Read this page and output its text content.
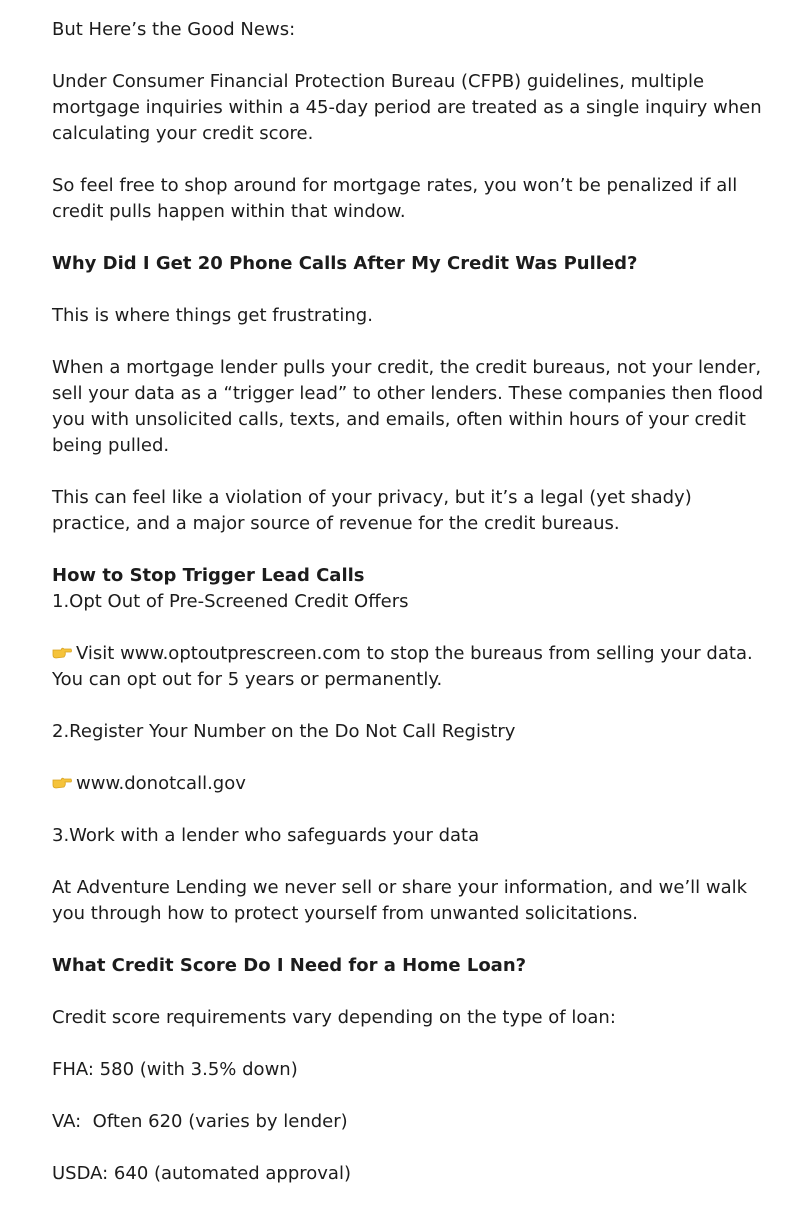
But Here’s the Good News:

Under Consumer Financial Protection Bureau (CFPB) guidelines, multiple mortgage inquiries within a 45-day period are treated as a single inquiry when calculating your credit score.

So feel free to shop around for mortgage rates, you won’t be penalized if all credit pulls happen within that window.

Why Did I Get 20 Phone Calls After My Credit Was Pulled?

This is where things get frustrating.

When a mortgage lender pulls your credit, the credit bureaus, not your lender, sell your data as a “trigger lead” to other lenders. These companies then flood you with unsolicited calls, texts, and emails, often within hours of your credit being pulled.

This can feel like a violation of your privacy, but it’s a legal (yet shady) practice, and a major source of revenue for the credit bureaus.

How to Stop Trigger Lead Calls

1.Opt Out of Pre-Screened Credit Offers

Visit www.optoutprescreen.com to stop the bureaus from selling your data. You can opt out for 5 years or permanently.

2.Register Your Number on the Do Not Call Registry

www.donotcall.gov

3.Work with a lender who safeguards your data

At Adventure Lending we never sell or share your information, and we’ll walk you through how to protect yourself from unwanted solicitations.

What Credit Score Do I Need for a Home Loan?

Credit score requirements vary depending on the type of loan:

FHA: 580 (with 3.5% down)

VA:  Often 620 (varies by lender)

USDA: 640 (automated approval)
